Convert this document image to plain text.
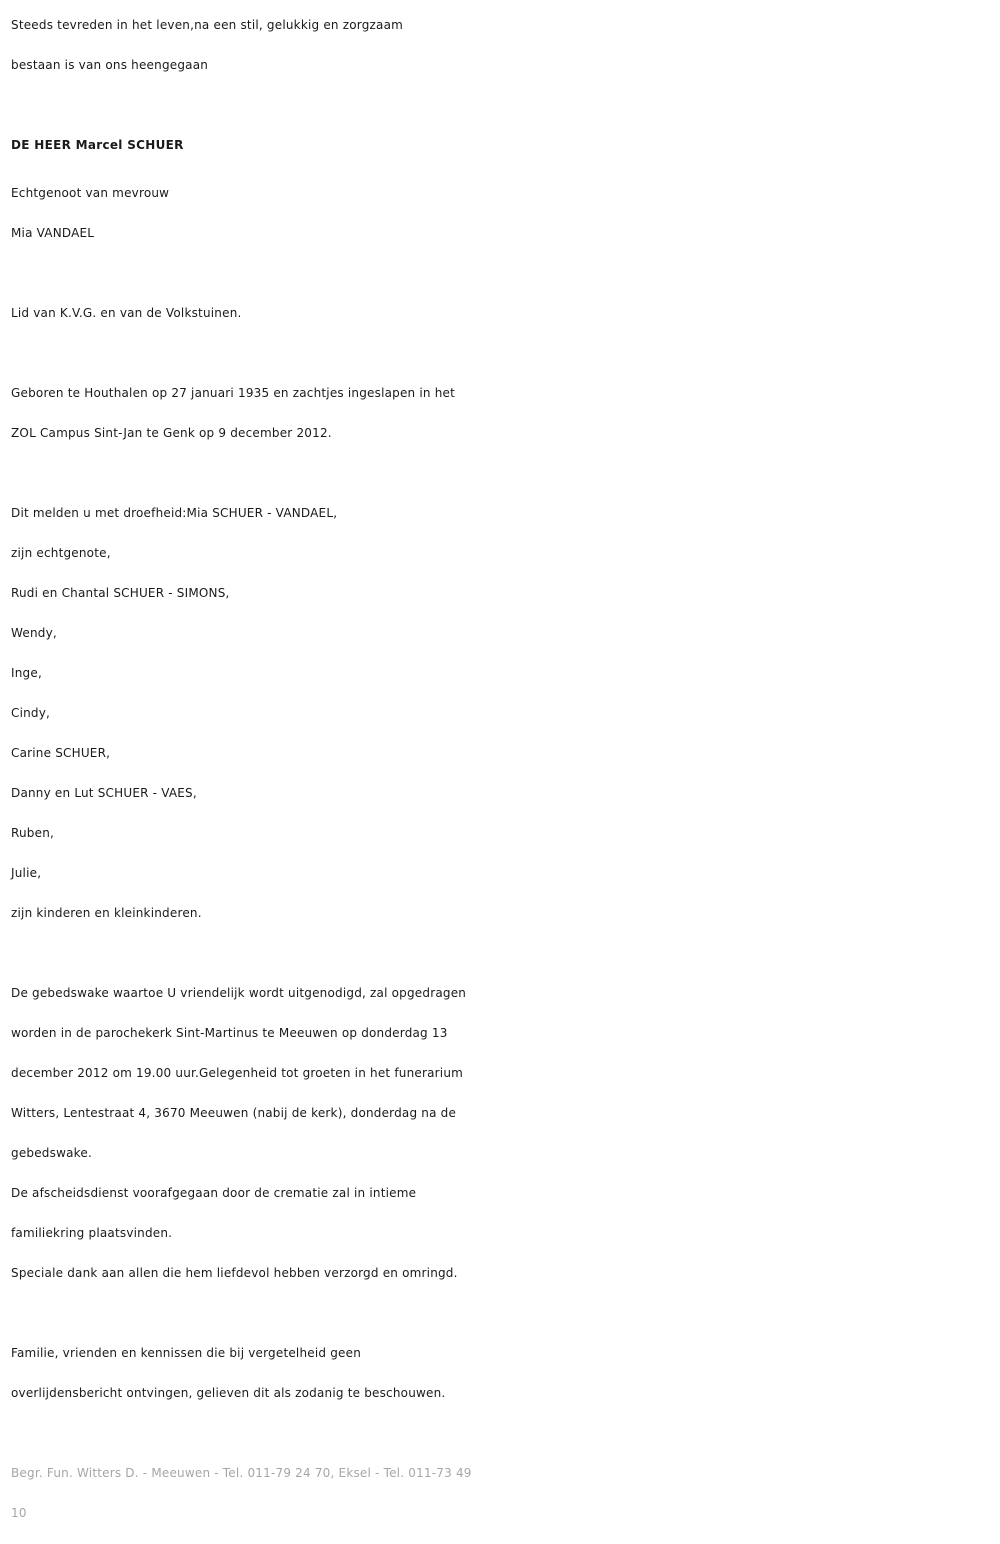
Steeds tevreden in het leven,na een stil, gelukkig en zorgzaam
bestaan is van ons heengegaan
DE HEER Marcel SCHUER
Echtgenoot van mevrouw
Mia VANDAEL
Lid van K.V.G. en van de Volkstuinen.
Geboren te Houthalen op 27 januari 1935 en zachtjes ingeslapen in het
ZOL Campus Sint-Jan te Genk op 9 december 2012.
Dit melden u met droefheid:Mia SCHUER - VANDAEL,
zijn echtgenote,
Rudi en Chantal SCHUER - SIMONS,
Wendy,
Inge,
Cindy,
Carine SCHUER,
Danny en Lut SCHUER - VAES,
Ruben,
Julie,
zijn kinderen en kleinkinderen.
De gebedswake waartoe U vriendelijk wordt uitgenodigd, zal opgedragen
worden in de parochekerk Sint-Martinus te Meeuwen op donderdag 13
december 2012 om 19.00 uur.Gelegenheid tot groeten in het funerarium
Witters, Lentestraat 4, 3670 Meeuwen (nabij de kerk), donderdag na de
gebedswake.
De afscheidsdienst voorafgegaan door de crematie zal in intieme
familiekring plaatsvinden.
Speciale dank aan allen die hem liefdevol hebben verzorgd en omringd.
Familie, vrienden en kennissen die bij vergetelheid geen
overlijdensbericht ontvingen, gelieven dit als zodanig te beschouwen.
Begr. Fun. Witters D. - Meeuwen - Tel. 011-79 24 70, Eksel - Tel. 011-73 49
10
